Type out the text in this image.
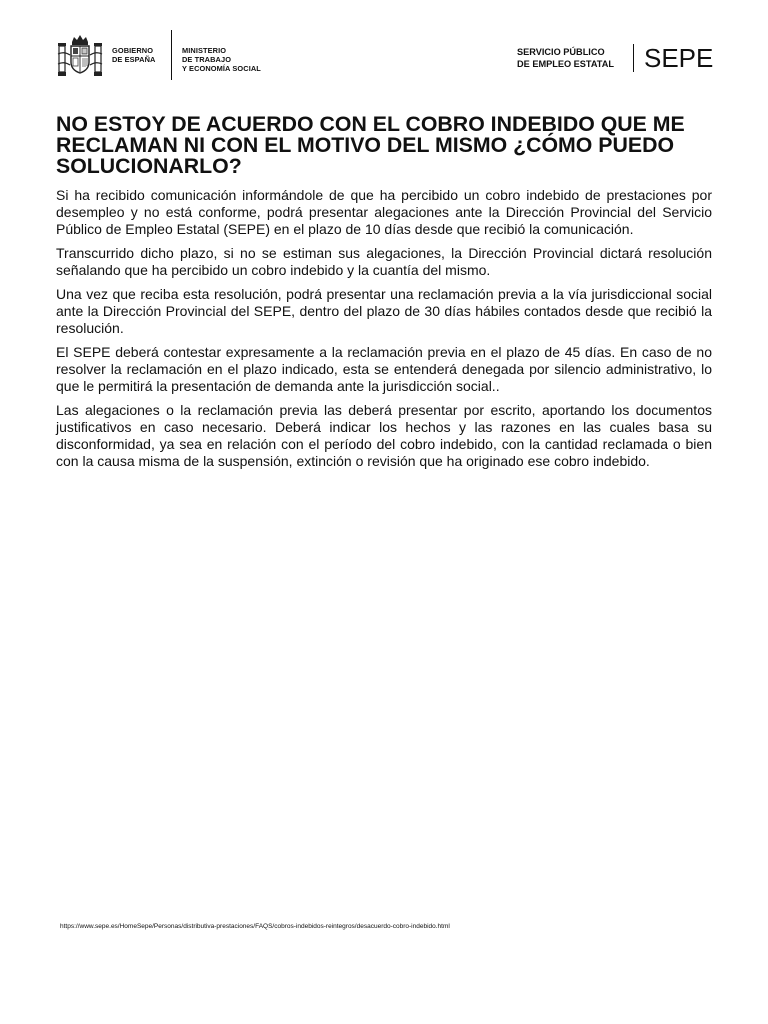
GOBIERNO
DE ESPAÑA
MINISTERIO
DE TRABAJO
Y ECONOMÍA SOCIAL
SERVICIO PÚBLICO
DE EMPLEO ESTATAL SEPE
NO ESTOY DE ACUERDO CON EL COBRO INDEBIDO QUE ME RECLAMAN NI CON EL MOTIVO DEL MISMO ¿CÓMO PUEDO SOLUCIONARLO?

Si ha recibido comunicación informándole de que ha percibido un cobro indebido de prestaciones por desempleo y no está conforme, podrá presentar alegaciones ante la Dirección Provincial del Servicio Público de Empleo Estatal (SEPE) en el plazo de 10 días desde que recibió la comunicación.

Transcurrido dicho plazo, si no se estiman sus alegaciones, la Dirección Provincial dictará resolución señalando que ha percibido un cobro indebido y la cuantía del mismo.

Una vez que reciba esta resolución, podrá presentar una reclamación previa a la vía jurisdiccional social ante la Dirección Provincial del SEPE, dentro del plazo de 30 días hábiles contados desde que recibió la resolución.

El SEPE deberá contestar expresamente a la reclamación previa en el plazo de 45 días. En caso de no resolver la reclamación en el plazo indicado, esta se entenderá denegada por silencio administrativo, lo que le permitirá la presentación de demanda ante la jurisdicción social..

Las alegaciones o la reclamación previa las deberá presentar por escrito, aportando los documentos justificativos en caso necesario. Deberá indicar los hechos y las razones en las cuales basa su disconformidad, ya sea en relación con el período del cobro indebido, con la cantidad reclamada o bien con la causa misma de la suspensión, extinción o revisión que ha originado ese cobro indebido.

https://www.sepe.es/HomeSepe/Personas/distributiva-prestaciones/FAQS/cobros-indebidos-reintegros/desacuerdo-cobro-indebido.html
